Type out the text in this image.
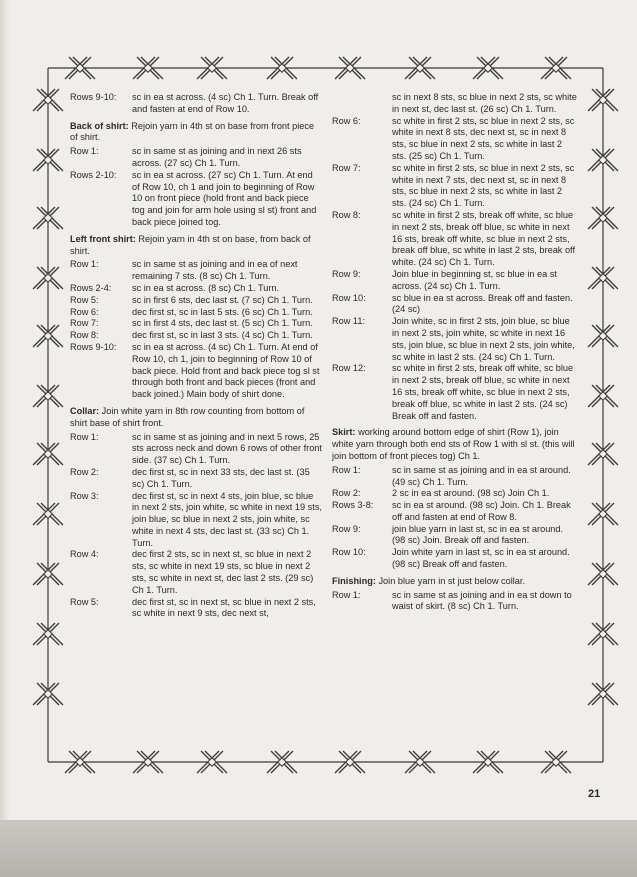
Rows 9-10:	sc in ea st across. (4 sc) Ch 1. Turn. Break off and fasten at end of Row 10.
Back of shirt: Rejoin yarn in 4th st on base from front piece of shirt.
Row 1:	sc in same st as joining and in next 26 sts across. (27 sc) Ch 1. Turn.
Rows 2-10:	sc in ea st across. (27 sc) Ch 1. Turn. At end of Row 10, ch 1 and join to beginning of Row 10 on front piece (hold front and back piece tog and join for arm hole using sl st) front and back piece joined tog.
Left front shirt: Rejoin yarn in 4th st on base, from back of shirt.
Row 1:	sc in same st as joining and in ea of next remaining 7 sts. (8 sc) Ch 1. Turn.
Rows 2-4:	sc in ea st across. (8 sc) Ch 1. Turn.
Row 5:	sc in first 6 sts, dec last st. (7 sc) Ch 1. Turn.
Row 6:	dec first st, sc in last 5 sts. (6 sc) Ch 1. Turn.
Row 7:	sc in first 4 sts, dec last st. (5 sc) Ch 1. Turn.
Row 8:	dec first st, sc in last 3 sts. (4 sc) Ch 1. Turn.
Rows 9-10:	sc in ea st across. (4 sc) Ch 1. Turn. At end of Row 10, ch 1, join to beginning of Row 10 of back piece. Hold front and back piece tog sl st through both front and back pieces (front and back joined.) Main body of shirt done.
Collar: Join white yarn in 8th row counting from bottom of shirt base of shirt front.
Row 1:	sc in same st as joining and in next 5 rows, 25 sts across neck and down 6 rows of other front side. (37 sc) Ch 1. Turn.
Row 2:	dec first st, sc in next 33 sts, dec last st. (35 sc) Ch 1. Turn.
Row 3:	dec first st, sc in next 4 sts, join blue, sc blue in next 2 sts, join white, sc white in next 19 sts, join blue, sc blue in next 2 sts, join white, sc white in next 4 sts, dec last st. (33 sc) Ch 1. Turn.
Row 4:	dec first 2 sts, sc in next st, sc blue in next 2 sts, sc white in next 19 sts, sc blue in next 2 sts, sc white in next st, dec last 2 sts. (29 sc) Ch 1. Turn.
Row 5:	dec first st, sc in next st, sc blue in next 2 sts, sc white in next 9 sts, dec next st,
sc in next 8 sts, sc blue in next 2 sts, sc white in next st, dec last st. (26 sc) Ch 1. Turn.
Row 6:	sc white in first 2 sts, sc blue in next 2 sts, sc white in next 8 sts, dec next st, sc in next 8 sts, sc blue in next 2 sts, sc white in last 2 sts. (25 sc) Ch 1. Turn.
Row 7:	sc white in first 2 sts, sc blue in next 2 sts, sc white in next 7 sts, dec next st, sc in next 8 sts, sc blue in next 2 sts, sc white in last 2 sts. (24 sc) Ch 1. Turn.
Row 8:	sc white in first 2 sts, break off white, sc blue in next 2 sts, break off blue, sc white in next 16 sts, break off white, sc blue in next 2 sts, break off blue, sc white in last 2 sts, break off white. (24 sc) Ch 1. Turn.
Row 9:	Join blue in beginning st, sc blue in ea st across. (24 sc) Ch 1. Turn.
Row 10:	sc blue in ea st across. Break off and fasten. (24 sc)
Row 11:	Join white, sc in first 2 sts, join blue, sc blue in next 2 sts, join white, sc white in next 16 sts, join blue, sc blue in next 2 sts, join white, sc white in last 2 sts. (24 sc) Ch 1. Turn.
Row 12:	sc white in first 2 sts, break off white, sc blue in next 2 sts, break off blue, sc white in next 16 sts, break off white, sc blue in next 2 sts, break off blue, sc white in last 2 sts. (24 sc) Break off and fasten.
Skirt: working around bottom edge of shirt (Row 1), join white yarn through both end sts of Row 1 with sl st. (this will join bottom of front pieces tog) Ch 1.
Row 1:	sc in same st as joining and in ea st around. (49 sc) Ch 1. Turn.
Row 2:	2 sc in ea st around. (98 sc) Join Ch 1.
Rows 3-8:	sc in ea st around. (98 sc) Join. Ch 1. Break off and fasten at end of Row 8.
Row 9:	join blue yarn in last st, sc in ea st around. (98 sc) Join. Break off and fasten.
Row 10:	Join white yarn in last st, sc in ea st around. (98 sc) Break off and fasten.
Finishing: Join blue yarn in st just below collar.
Row 1:	sc in same st as joining and in ea st down to waist of skirt. (8 sc) Ch 1. Turn.
21
